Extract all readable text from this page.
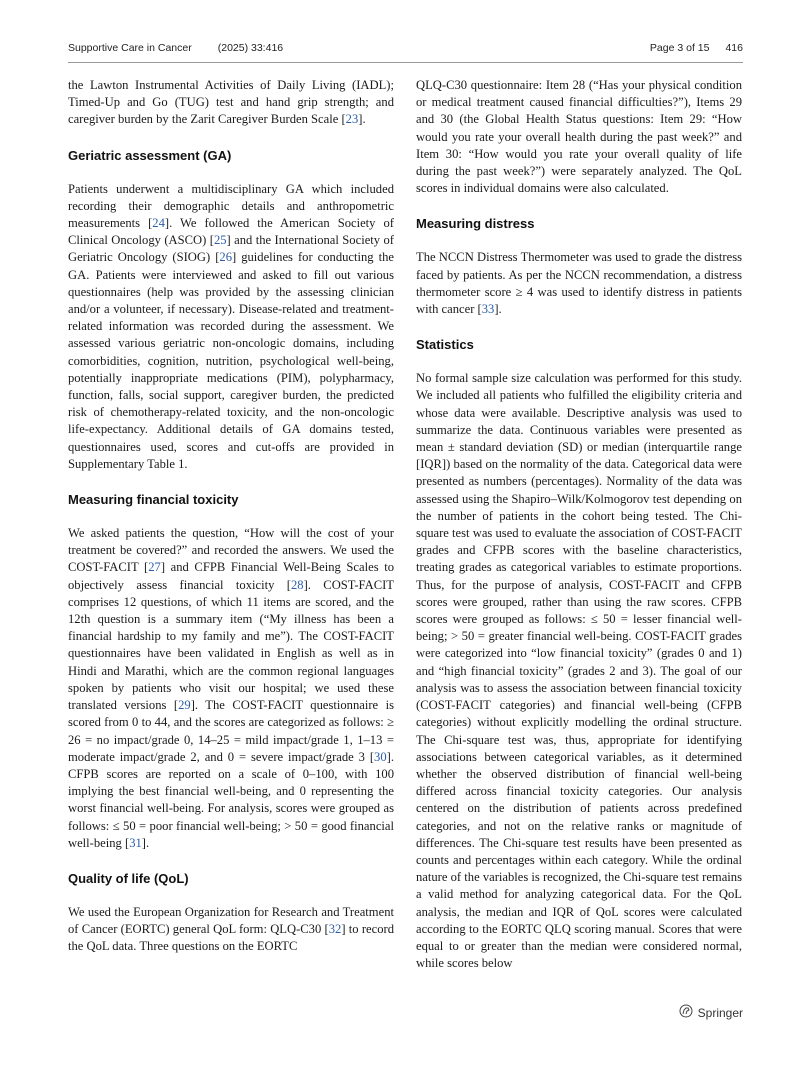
Supportive Care in Cancer (2025) 33:416	Page 3 of 15 416

the Lawton Instrumental Activities of Daily Living (IADL); Timed-Up and Go (TUG) test and hand grip strength; and caregiver burden by the Zarit Caregiver Burden Scale [23].

Geriatric assessment (GA)

Patients underwent a multidisciplinary GA which included recording their demographic details and anthropometric measurements [24]. We followed the American Society of Clinical Oncology (ASCO) [25] and the International Society of Geriatric Oncology (SIOG) [26] guidelines for conducting the GA. Patients were interviewed and asked to fill out various questionnaires (help was provided by the assessing clinician and/or a volunteer, if necessary). Disease-related and treatment-related information was recorded during the assessment. We assessed various geriatric non-oncologic domains, including comorbidities, cognition, nutrition, psychological well-being, potentially inappropriate medications (PIM), polypharmacy, function, falls, social support, caregiver burden, the predicted risk of chemotherapy-related toxicity, and the non-oncologic life-expectancy. Additional details of GA domains tested, questionnaires used, scores and cut-offs are provided in Supplementary Table 1.

Measuring financial toxicity

We asked patients the question, “How will the cost of your treatment be covered?” and recorded the answers. We used the COST-FACIT [27] and CFPB Financial Well-Being Scales to objectively assess financial toxicity [28]. COST-FACIT comprises 12 questions, of which 11 items are scored, and the 12th question is a summary item (“My illness has been a financial hardship to my family and me”). The COST-FACIT questionnaires have been validated in English as well as in Hindi and Marathi, which are the common regional languages spoken by patients who visit our hospital; we used these translated versions [29]. The COST-FACIT questionnaire is scored from 0 to 44, and the scores are categorized as follows: ≥ 26 = no impact/grade 0, 14–25 = mild impact/grade 1, 1–13 = moderate impact/grade 2, and 0 = severe impact/grade 3 [30]. CFPB scores are reported on a scale of 0–100, with 100 implying the best financial well-being, and 0 representing the worst financial well-being. For analysis, scores were grouped as follows: ≤ 50 = poor financial well-being; > 50 = good financial well-being [31].

Quality of life (QoL)

We used the European Organization for Research and Treatment of Cancer (EORTC) general QoL form: QLQ-C30 [32] to record the QoL data. Three questions on the EORTC

QLQ-C30 questionnaire: Item 28 (“Has your physical condition or medical treatment caused financial difficulties?”), Items 29 and 30 (the Global Health Status questions: Item 29: “How would you rate your overall health during the past week?” and Item 30: “How would you rate your overall quality of life during the past week?”) were separately analyzed. The QoL scores in individual domains were also calculated.

Measuring distress

The NCCN Distress Thermometer was used to grade the distress faced by patients. As per the NCCN recommendation, a distress thermometer score ≥ 4 was used to identify distress in patients with cancer [33].

Statistics

No formal sample size calculation was performed for this study. We included all patients who fulfilled the eligibility criteria and whose data were available. Descriptive analysis was used to summarize the data. Continuous variables were presented as mean ± standard deviation (SD) or median (interquartile range [IQR]) based on the normality of the data. Categorical data were presented as numbers (percentages). Normality of the data was assessed using the Shapiro–Wilk/Kolmogorov test depending on the number of patients in the cohort being tested. The Chi-square test was used to evaluate the association of COST-FACIT grades and CFPB scores with the baseline characteristics, treating grades as categorical variables to estimate proportions. Thus, for the purpose of analysis, COST-FACIT and CFPB scores were grouped, rather than using the raw scores. CFPB scores were grouped as follows: ≤ 50 = lesser financial well-being; > 50 = greater financial well-being. COST-FACIT grades were categorized into “low financial toxicity” (grades 0 and 1) and “high financial toxicity” (grades 2 and 3). The goal of our analysis was to assess the association between financial toxicity (COST-FACIT categories) and financial well-being (CFPB categories) without explicitly modelling the ordinal structure. The Chi-square test was, thus, appropriate for identifying associations between categorical variables, as it determined whether the observed distribution of financial well-being differed across financial toxicity categories. Our analysis centered on the distribution of patients across predefined categories, and not on the relative ranks or magnitude of differences. The Chi-square test results have been presented as counts and percentages within each category. While the ordinal nature of the variables is recognized, the Chi-square test remains a valid method for analyzing categorical data. For the QoL analysis, the median and IQR of QoL scores were calculated according to the EORTC QLQ scoring manual. Scores that were equal to or greater than the median were considered normal, while scores below

Springer
